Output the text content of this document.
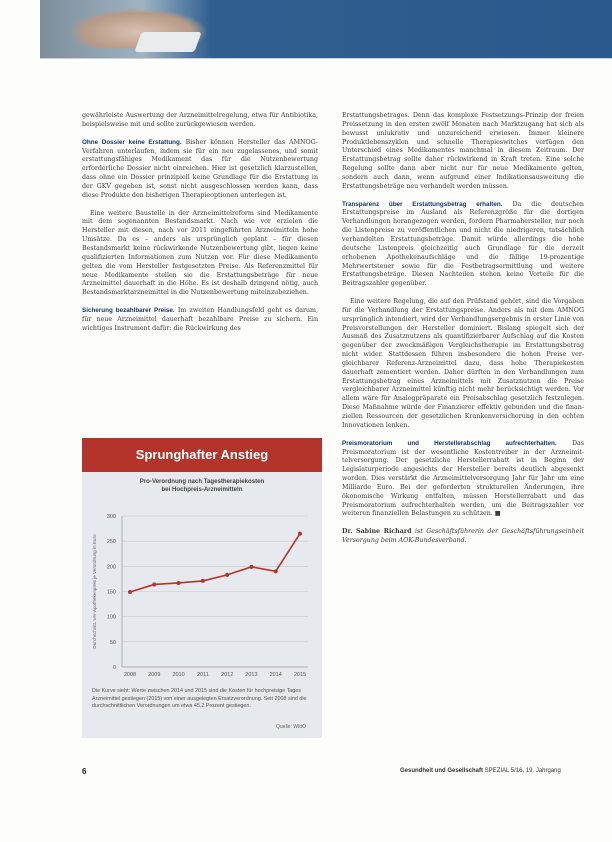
gewährleiste Auswertung der Arzneimittelregelung, etwa für Antibiotika, beispielsweise mit und sollte zurückgewiesen werden.

Ohne Dossier keine Erstattung. Bisher können Hersteller das AMNOG-Verfahren unterlaufen, indem sie für ein neu zugelassenes, und somit erstattungsfähiges Medikament das für die Nutzenbewertung erforderliche Dossier nicht einreichen. Hier ist gesetzlich klarzustellen, dass ohne ein Dossier prinzipiell keine Grundlage für die Erstattung in der GKV gegeben ist, sonst nicht ausgeschlossen werden kann, dass diese Produkte den bisherigen Therapieoptionen unterlegen ist.

Eine weitere Baustelle in der Arzneimittelreform sind Medikamente mit dem sogenannten Bestandsmarkt. Nach wie vor erzielen die Hersteller mit diesen, nach vor 2011 eingeführten Arzneimitteln hohe Umsätze. Da es – anders als ursprünglich geplant – für diesen Bestandsmarkt keine rückwirkende Nutzenbewertung gibt, liegen keine qualifizierten Informationen zum Nutzen vor. Für diese Medikamente gelten die vom Hersteller festgesetzten Preise. Als Referenzmittel für neue Medikamente stellen sie die Erstattungsbeträge für neue Arzneimittel dauerhaft in die Höhe. Es ist deshalb dringend nötig, auch Bestandsmarktarzneimittel in die Nutzenbewertung miteinzubeziehen.

Sicherung bezahlbarer Preise. Im zweiten Handlungsfeld geht es darum, für neue Arzneimittel dauerhaft bezahlbare Preise zu sichern. Ein wichtiges Instrument dafür: die Rückwirkung des

Erstattungsbetrages. Denn das komplexe Festsetzungs-Prinzip der freien Preissetzung in den ersten zwölf Monaten nach Marktzugang hat sich als bewusst unlukrativ und unzureichend erwiesen. Immer kleinere Produktlebenszyklen und schnelle Therapieswitches verfügen den Unterschied eines Medikamentes manchmal in diesem Zeitraum. Der Erstattungsbetrag sollte daher rückwirkend in Kraft treten. Eine solche Regelung sollte dann aber nicht nur für neue Medikamente gelten, sondern auch dann, wenn aufgrund einer Indikationsausweitung die Erstattungsbeträge neu verhandelt werden müssen.

Transparenz über Erstattungsbetrag erhalten. Da die deutschen Erstattungspreise im Ausland als Referenzgröße für die dortigen Verhandlungen herangezogen werden, fordern Pharmahersteller, nur noch die Listenpreise zu veröffentlichen und nicht die niedrigeren, tatsächlich verhandelten Erstattungsbeträge. Damit würde allerdings die hohe deutsche Listenpreis gleichzeitig auch Grundlage für die derzeit erhobenen Apothekenaufschläge und die fällige 19-prozentige Mehrwertsteuer sowie für die Festbetragsermittlung und weitere Erstattungsbeträge. Diesen Nachteilen stehen keine Vorteile für die Beitragszahler gegenüber.

Eine weitere Regelung, die auf den Prüfstand gehört, sind die Vorgaben für die Verhandlung der Erstattungspreise. Anders als mit dem AMNOG ursprünglich intendiert, wird der Verhandlungsergebnis in erster Linie von Preisvorstellungen der Hersteller dominiert. Bislang spiegelt sich der Ausmaß des Zusatznutzens als quantifizierbarer Aufschlag auf die Kosten gegenüber der zweckmäßigen Vergleichstherapie im Erstattungsbetrag nicht wider. Stattdessen führen insbesondere die hohen Preise vergleichbarer Referenz-Arzneimittel dazu, dass hohe Therapiekosten dauerhaft zementiert werden. Daher dürften in den Verhandlungen zum Erstattungsbetrag eines Arzneimittels mit Zusatznutzen die Preise vergleichbarer Arzneimittel künftig nicht mehr berücksichtigt werden. Vor allem wäre für Analogpräparate ein Preisabschlag gesetzlich festzulegen. Diese Maßnahme würde der Finanzierer effektiv gebunden und die finanziellen Ressourcen der gesetzlichen Krankenversicherung in den echten Innovationen lenken.

Preismoratorium und Herstellerabschlag aufrechterhalten. Das Preismoratorium ist der wesentliche Kostentreiber in der Arzneimittelversorgung. Der gesetzliche Herstellerrabatt ist in Beginn der Legislaturperiode angesichts der Hersteller bereits deutlich abgesenkt worden. Dies verstärkt die Arzneimittelversorgung Jahr für Jahr um eine Milliarde Euro. Bei der geforderten strukturellen Änderungen, ihre ökonomische Wirkung entfalten, müssen Herstellerrabatt und das Preismoratorium aufrechterhalten werden, um die Beitragszahler vor weiteren finanziellen Belastungen zu schützen. ■

Dr. Sabine Richard ist Geschäftsführerin der Geschäftsführungseinheit Versorgung beim AOK-Bundesverband.

Sprunghafter Anstieg
Pro-Verordnung nach Tagestherapiekosten
bei Hochpreis-Arzneimitteln
0
50
100
150
200
250
300
2008 2009 2010 2011 2012 2013 2014 2015
Durchschnitt. Ver-Apothekenpreis je Verordnung in Euro
Die Kurve sieht: Werte zwischen 2014 und 2015 sind die Kosten für hochpreisige Tages Arzneimittel gestiegen (2015) von einer ausgelegten Ersatzverordnung. Seit 2008 sind die durchschnittlichen Verordnungen um etwa 45,2 Prozent gestiegen.
Quelle: WIdO
6	Gesundheit und Gesellschaft SPEZIAL 5/16, 19. Jahrgang
